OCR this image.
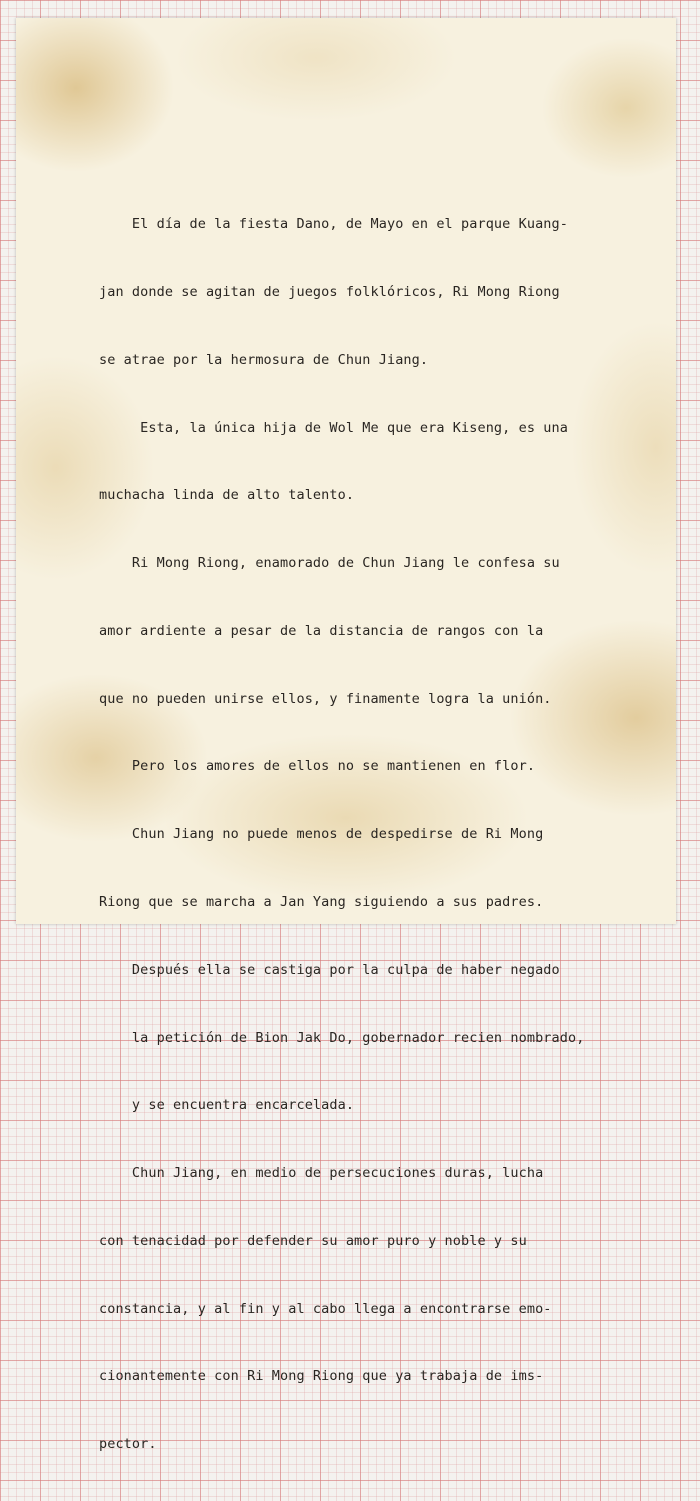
El día de la fiesta Dano, de Mayo en el parque Kuang-

jan donde se agitan de juegos folklóricos, Ri Mong Riong

se atrae por la hermosura de Chun Jiang.

Esta, la única hija de Wol Me que era Kiseng, es una

muchacha linda de alto talento.

Ri Mong Riong, enamorado de Chun Jiang le confesa su

amor ardiente a pesar de la distancia de rangos con la

que no pueden unirse ellos, y finamente logra la unión.

Pero los amores de ellos no se mantienen en flor.

Chun Jiang no puede menos de despedirse de Ri Mong

Riong que se marcha a Jan Yang siguiendo a sus padres.

Después ella se castiga por la culpa de haber negado

la petición de Bion Jak Do, gobernador recien nombrado,

y se encuentra encarcelada.

Chun Jiang, en medio de persecuciones duras, lucha

con tenacidad por defender su amor puro y noble y su

constancia, y al fin y al cabo llega a encontrarse emo-

cionantemente con Ri Mong Riong que ya trabaja de ims-

pector.
